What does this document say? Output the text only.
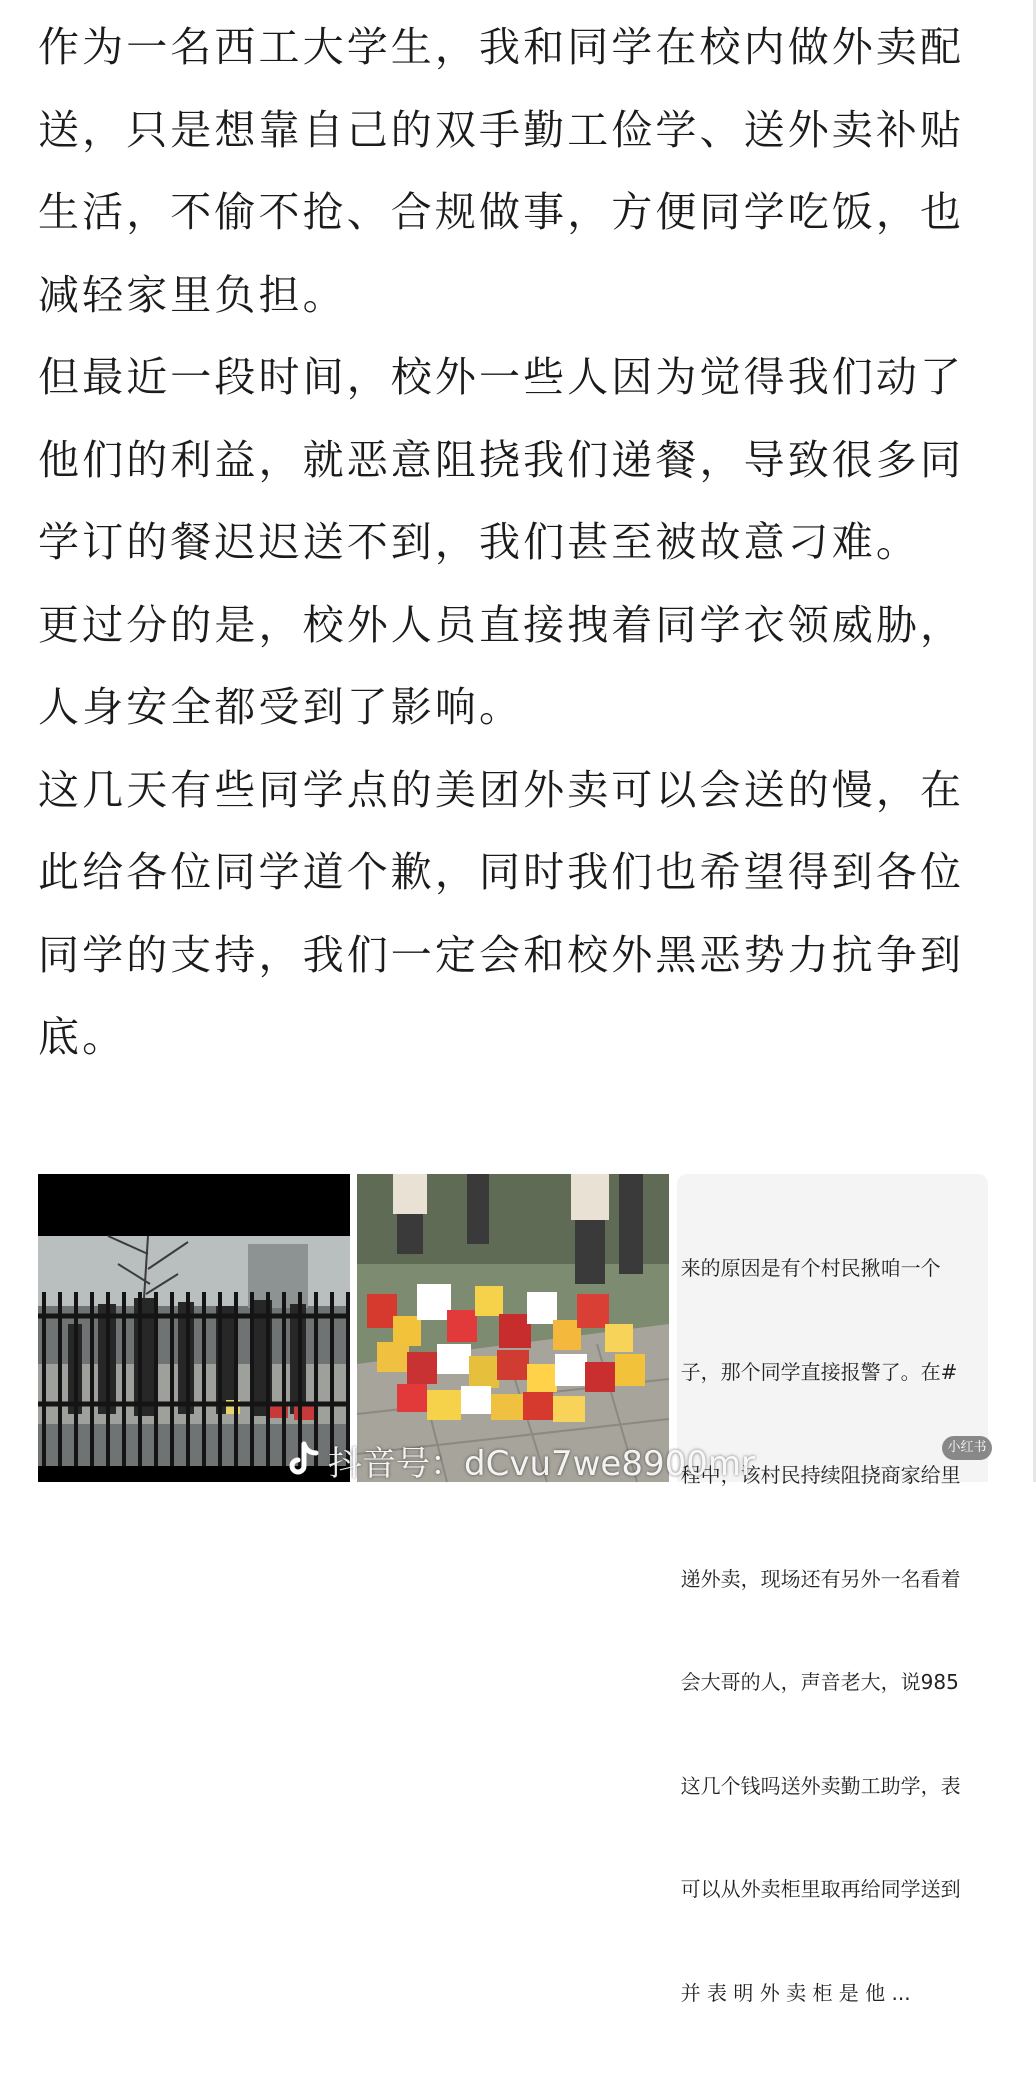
作为一名西工大学生，我和同学在校内做外卖配送，只是想靠自己的双手勤工俭学、送外卖补贴生活，不偷不抢、合规做事，方便同学吃饭，也减轻家里负担。

但最近一段时间，校外一些人因为觉得我们动了他们的利益，就恶意阻挠我们递餐，导致很多同学订的餐迟迟送不到，我们甚至被故意刁难。

更过分的是，校外人员直接拽着同学衣领威胁，人身安全都受到了影响。

这几天有些同学点的美团外卖可以会送的慢，在此给各位同学道个歉，同时我们也希望得到各位同学的支持，我们一定会和校外黑恶势力抗争到底。

来的原因是有个村民揪咱一个

子，那个同学直接报警了。在#

程中，该村民持续阻挠商家给里

递外卖，现场还有另外一名看着

会大哥的人，声音老大，说985

这几个钱吗送外卖勤工助学，表

可以从外卖柜里取再给同学送到

并 表 明 外 卖 柜 是 他 ...

抖音号：dCvu7we8900mr	小红书
